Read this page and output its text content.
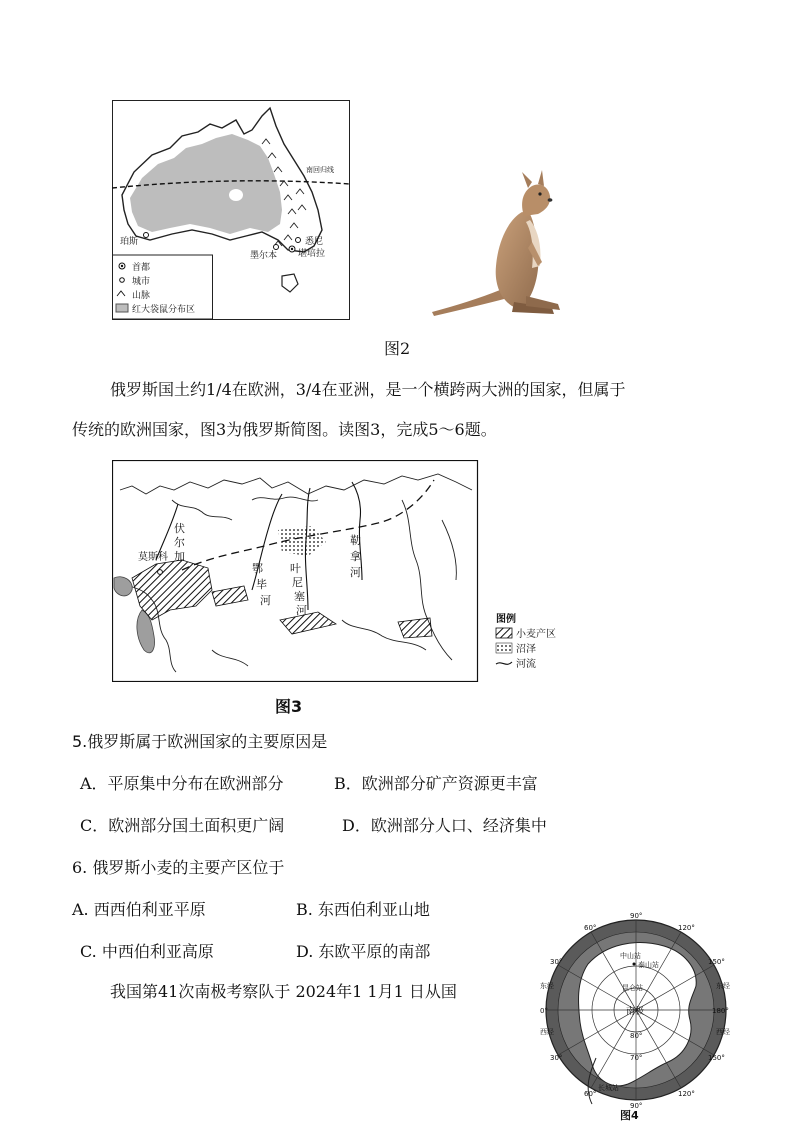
南回归线
珀斯
墨尔本
悉尼
堪培拉
首都
城市
山脉
红大袋鼠分布区
图2
俄罗斯国土约1/4在欧洲，3/4在亚洲，是一个横跨两大洲的国家，但属于
传统的欧洲国家，图3为俄罗斯简图。读图3，完成5～6题。
伏
尔
加
莫斯科
鄂
毕
河
叶
尼
塞
河
勒
拿
河
图例
小麦产区
沼泽
河流
图3
5.俄罗斯属于欧洲国家的主要原因是
A．平原集中分布在欧洲部分	B．欧洲部分矿产资源更丰富
C．欧洲部分国土面积更广阔	D．欧洲部分人口、经济集中
6. 俄罗斯小麦的主要产区位于
A. 西西伯利亚平原	B. 东西伯利亚山地
C. 中西伯利亚高原	D. 东欧平原的南部
我国第41次南极考察队于 2024年1 1月1 日从国
90°
60°	120°
30°	150°
东经
0°
西经
东经
180°
西经
30°	150°
60°	120°
90°
中山站
泰山站
昆仑站
南极
80°
70°
长城站
图4
